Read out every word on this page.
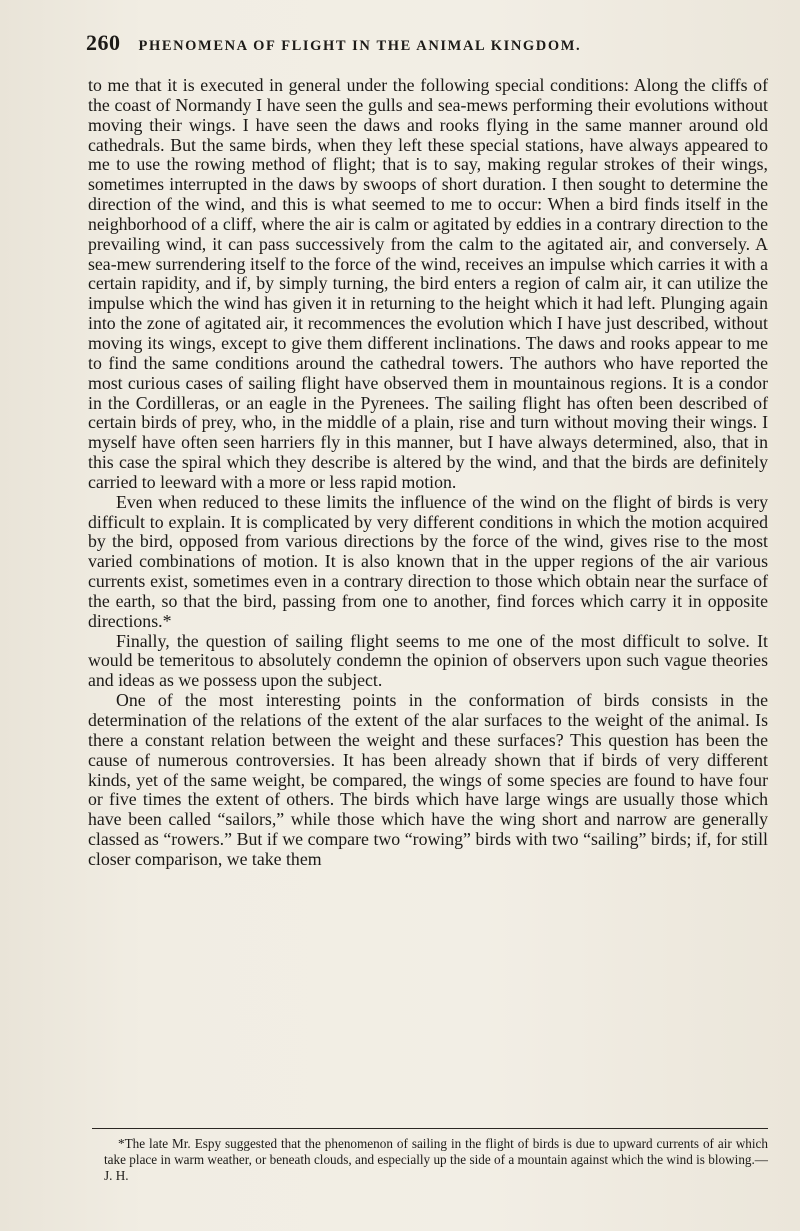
260 PHENOMENA OF FLIGHT IN THE ANIMAL KINGDOM.

to me that it is executed in general under the following special conditions: Along the cliffs of the coast of Normandy I have seen the gulls and sea-mews performing their evolutions without moving their wings. I have seen the daws and rooks flying in the same manner around old cathedrals. But the same birds, when they left these special stations, have always appeared to me to use the rowing method of flight; that is to say, making regular strokes of their wings, sometimes interrupted in the daws by swoops of short duration. I then sought to determine the direction of the wind, and this is what seemed to me to occur: When a bird finds itself in the neighborhood of a cliff, where the air is calm or agitated by eddies in a contrary direction to the prevailing wind, it can pass successively from the calm to the agitated air, and conversely. A sea-mew surrendering itself to the force of the wind, receives an impulse which carries it with a certain rapidity, and if, by simply turning, the bird enters a region of calm air, it can utilize the impulse which the wind has given it in returning to the height which it had left. Plunging again into the zone of agitated air, it recommences the evolution which I have just described, without moving its wings, except to give them different inclinations. The daws and rooks appear to me to find the same conditions around the cathedral towers. The authors who have reported the most curious cases of sailing flight have observed them in mountainous regions. It is a condor in the Cordilleras, or an eagle in the Pyrenees. The sailing flight has often been described of certain birds of prey, who, in the middle of a plain, rise and turn without moving their wings. I myself have often seen harriers fly in this manner, but I have always determined, also, that in this case the spiral which they describe is altered by the wind, and that the birds are definitely carried to leeward with a more or less rapid motion.

Even when reduced to these limits the influence of the wind on the flight of birds is very difficult to explain. It is complicated by very different conditions in which the motion acquired by the bird, opposed from various directions by the force of the wind, gives rise to the most varied combinations of motion. It is also known that in the upper regions of the air various currents exist, sometimes even in a contrary direction to those which obtain near the surface of the earth, so that the bird, passing from one to another, find forces which carry it in opposite directions.*

Finally, the question of sailing flight seems to me one of the most difficult to solve. It would be temeritous to absolutely condemn the opinion of observers upon such vague theories and ideas as we possess upon the subject.

One of the most interesting points in the conformation of birds consists in the determination of the relations of the extent of the alar surfaces to the weight of the animal. Is there a constant relation between the weight and these surfaces? This question has been the cause of numerous controversies. It has been already shown that if birds of very different kinds, yet of the same weight, be compared, the wings of some species are found to have four or five times the extent of others. The birds which have large wings are usually those which have been called “sailors,” while those which have the wing short and narrow are generally classed as “rowers.” But if we compare two “rowing” birds with two “sailing” birds; if, for still closer comparison, we take them

*The late Mr. Espy suggested that the phenomenon of sailing in the flight of birds is due to upward currents of air which take place in warm weather, or beneath clouds, and especially up the side of a mountain against which the wind is blowing.—J. H.
